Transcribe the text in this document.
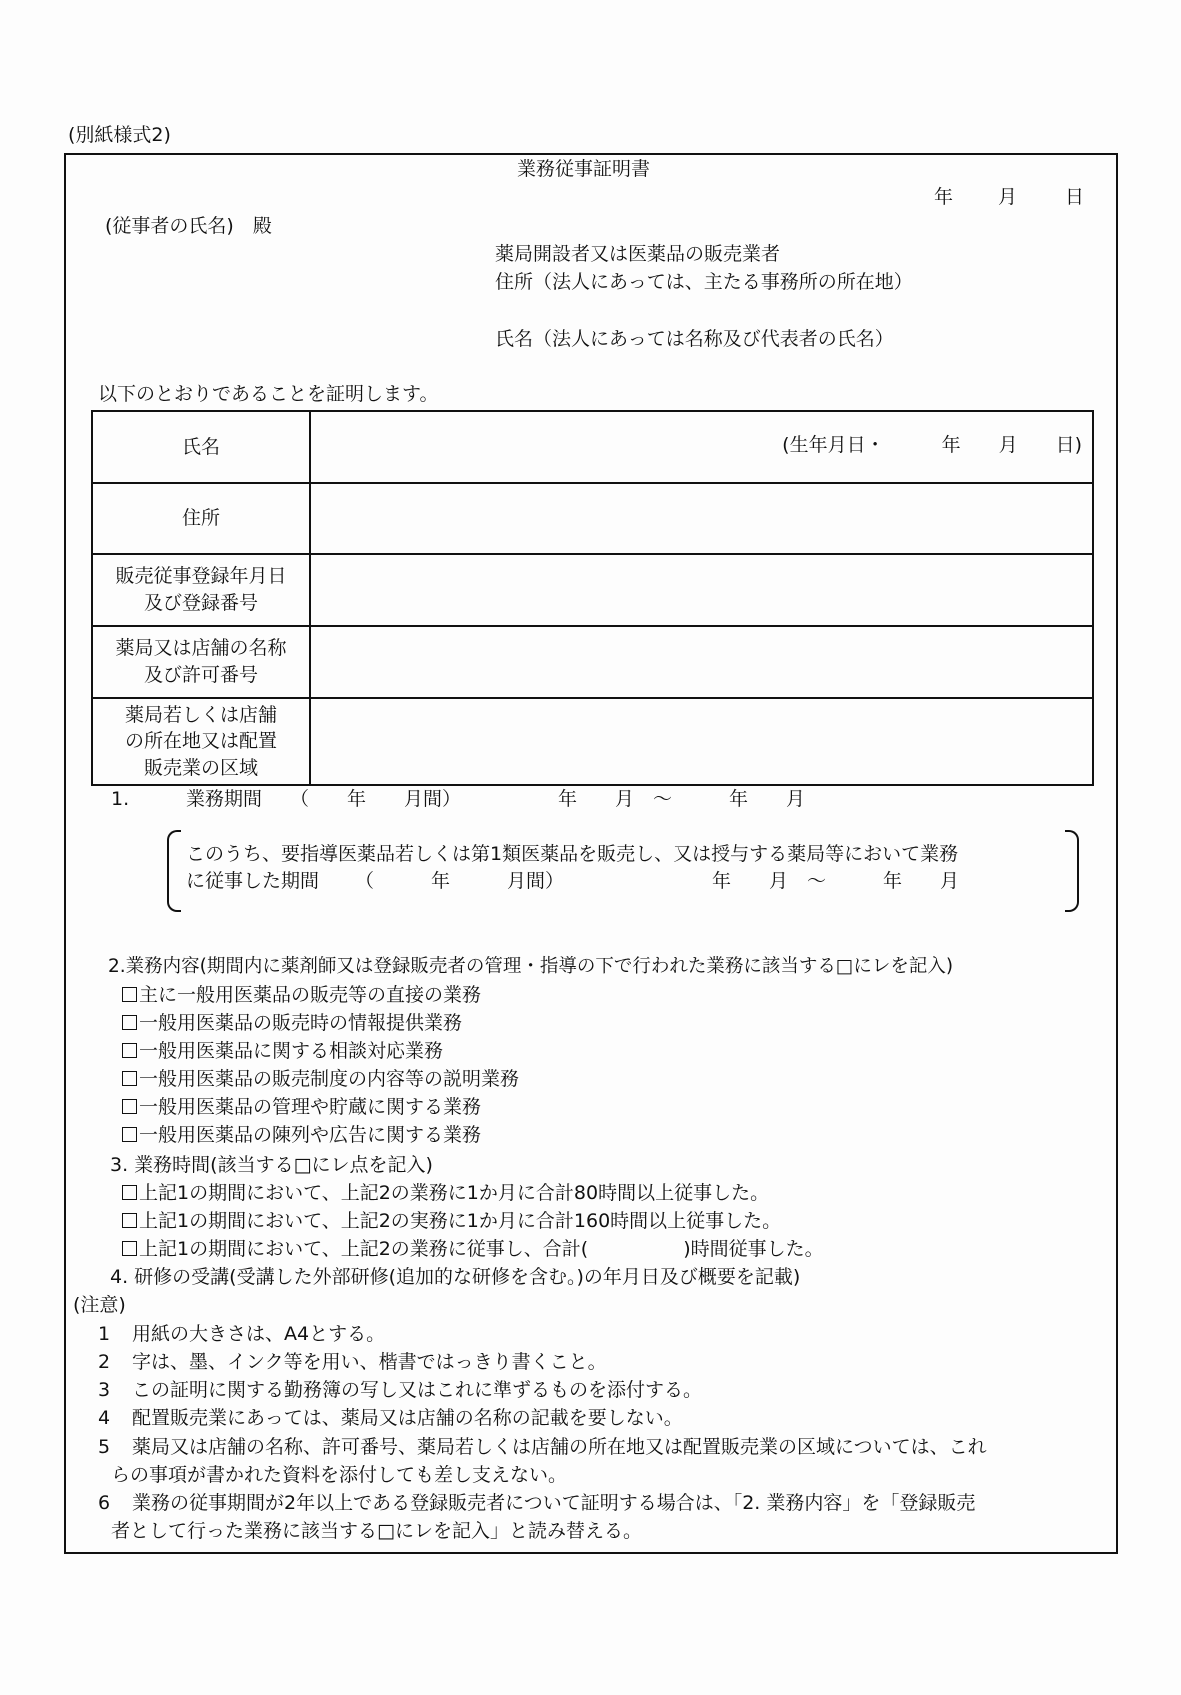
(別紙様式2)
業務従事証明書
年 月	日
(従事者の氏名)　殿
薬局開設者又は医薬品の販売業者
住所（法人にあっては、主たる事務所の所在地）
氏名（法人にあっては名称及び代表者の氏名）
以下のとおりであることを証明します。
氏名	(生年月日・　　　年　　月　　日)

住所	

販売従事登録年月日
及び登録番号	

薬局又は店舗の名称
及び許可番号	

薬局若しくは店舗
の所在地又は配置
販売業の区域	

1.	業務期間 （　　年　　月間）	年　　月　～　　　年　　月
このうち、要指導医薬品若しくは第1類医薬品を販売し、又は授与する薬局等において業務
に従事した期間 （　　　年　　　月間）	年　　月　～　　　年　　月
2.業務内容(期間内に薬剤師又は登録販売者の管理・指導の下で行われた業務に該当する□にレを記入)
主に一般用医薬品の販売等の直接の業務
一般用医薬品の販売時の情報提供業務
一般用医薬品に関する相談対応業務
一般用医薬品の販売制度の内容等の説明業務
一般用医薬品の管理や貯蔵に関する業務
一般用医薬品の陳列や広告に関する業務
3. 業務時間(該当する□にレ点を記入)
上記1の期間において、上記2の業務に1か月に合計80時間以上従事した。
上記1の期間において、上記2の実務に1か月に合計160時間以上従事した。
上記1の期間において、上記2の業務に従事し、合計(　　　　　)時間従事した。
4. 研修の受講(受講した外部研修(追加的な研修を含む。)の年月日及び概要を記載)
(注意)
1 用紙の大きさは、A4とする。
2 字は、墨、インク等を用い、楷書ではっきり書くこと。
3 この証明に関する勤務簿の写し又はこれに準ずるものを添付する。
4 配置販売業にあっては、薬局又は店舗の名称の記載を要しない。
5 薬局又は店舗の名称、許可番号、薬局若しくは店舗の所在地又は配置販売業の区域については、これ
らの事項が書かれた資料を添付しても差し支えない。
6 業務の従事期間が2年以上である登録販売者について証明する場合は、「2. 業務内容」を「登録販売
者として行った業務に該当する□にレを記入」と読み替える。
